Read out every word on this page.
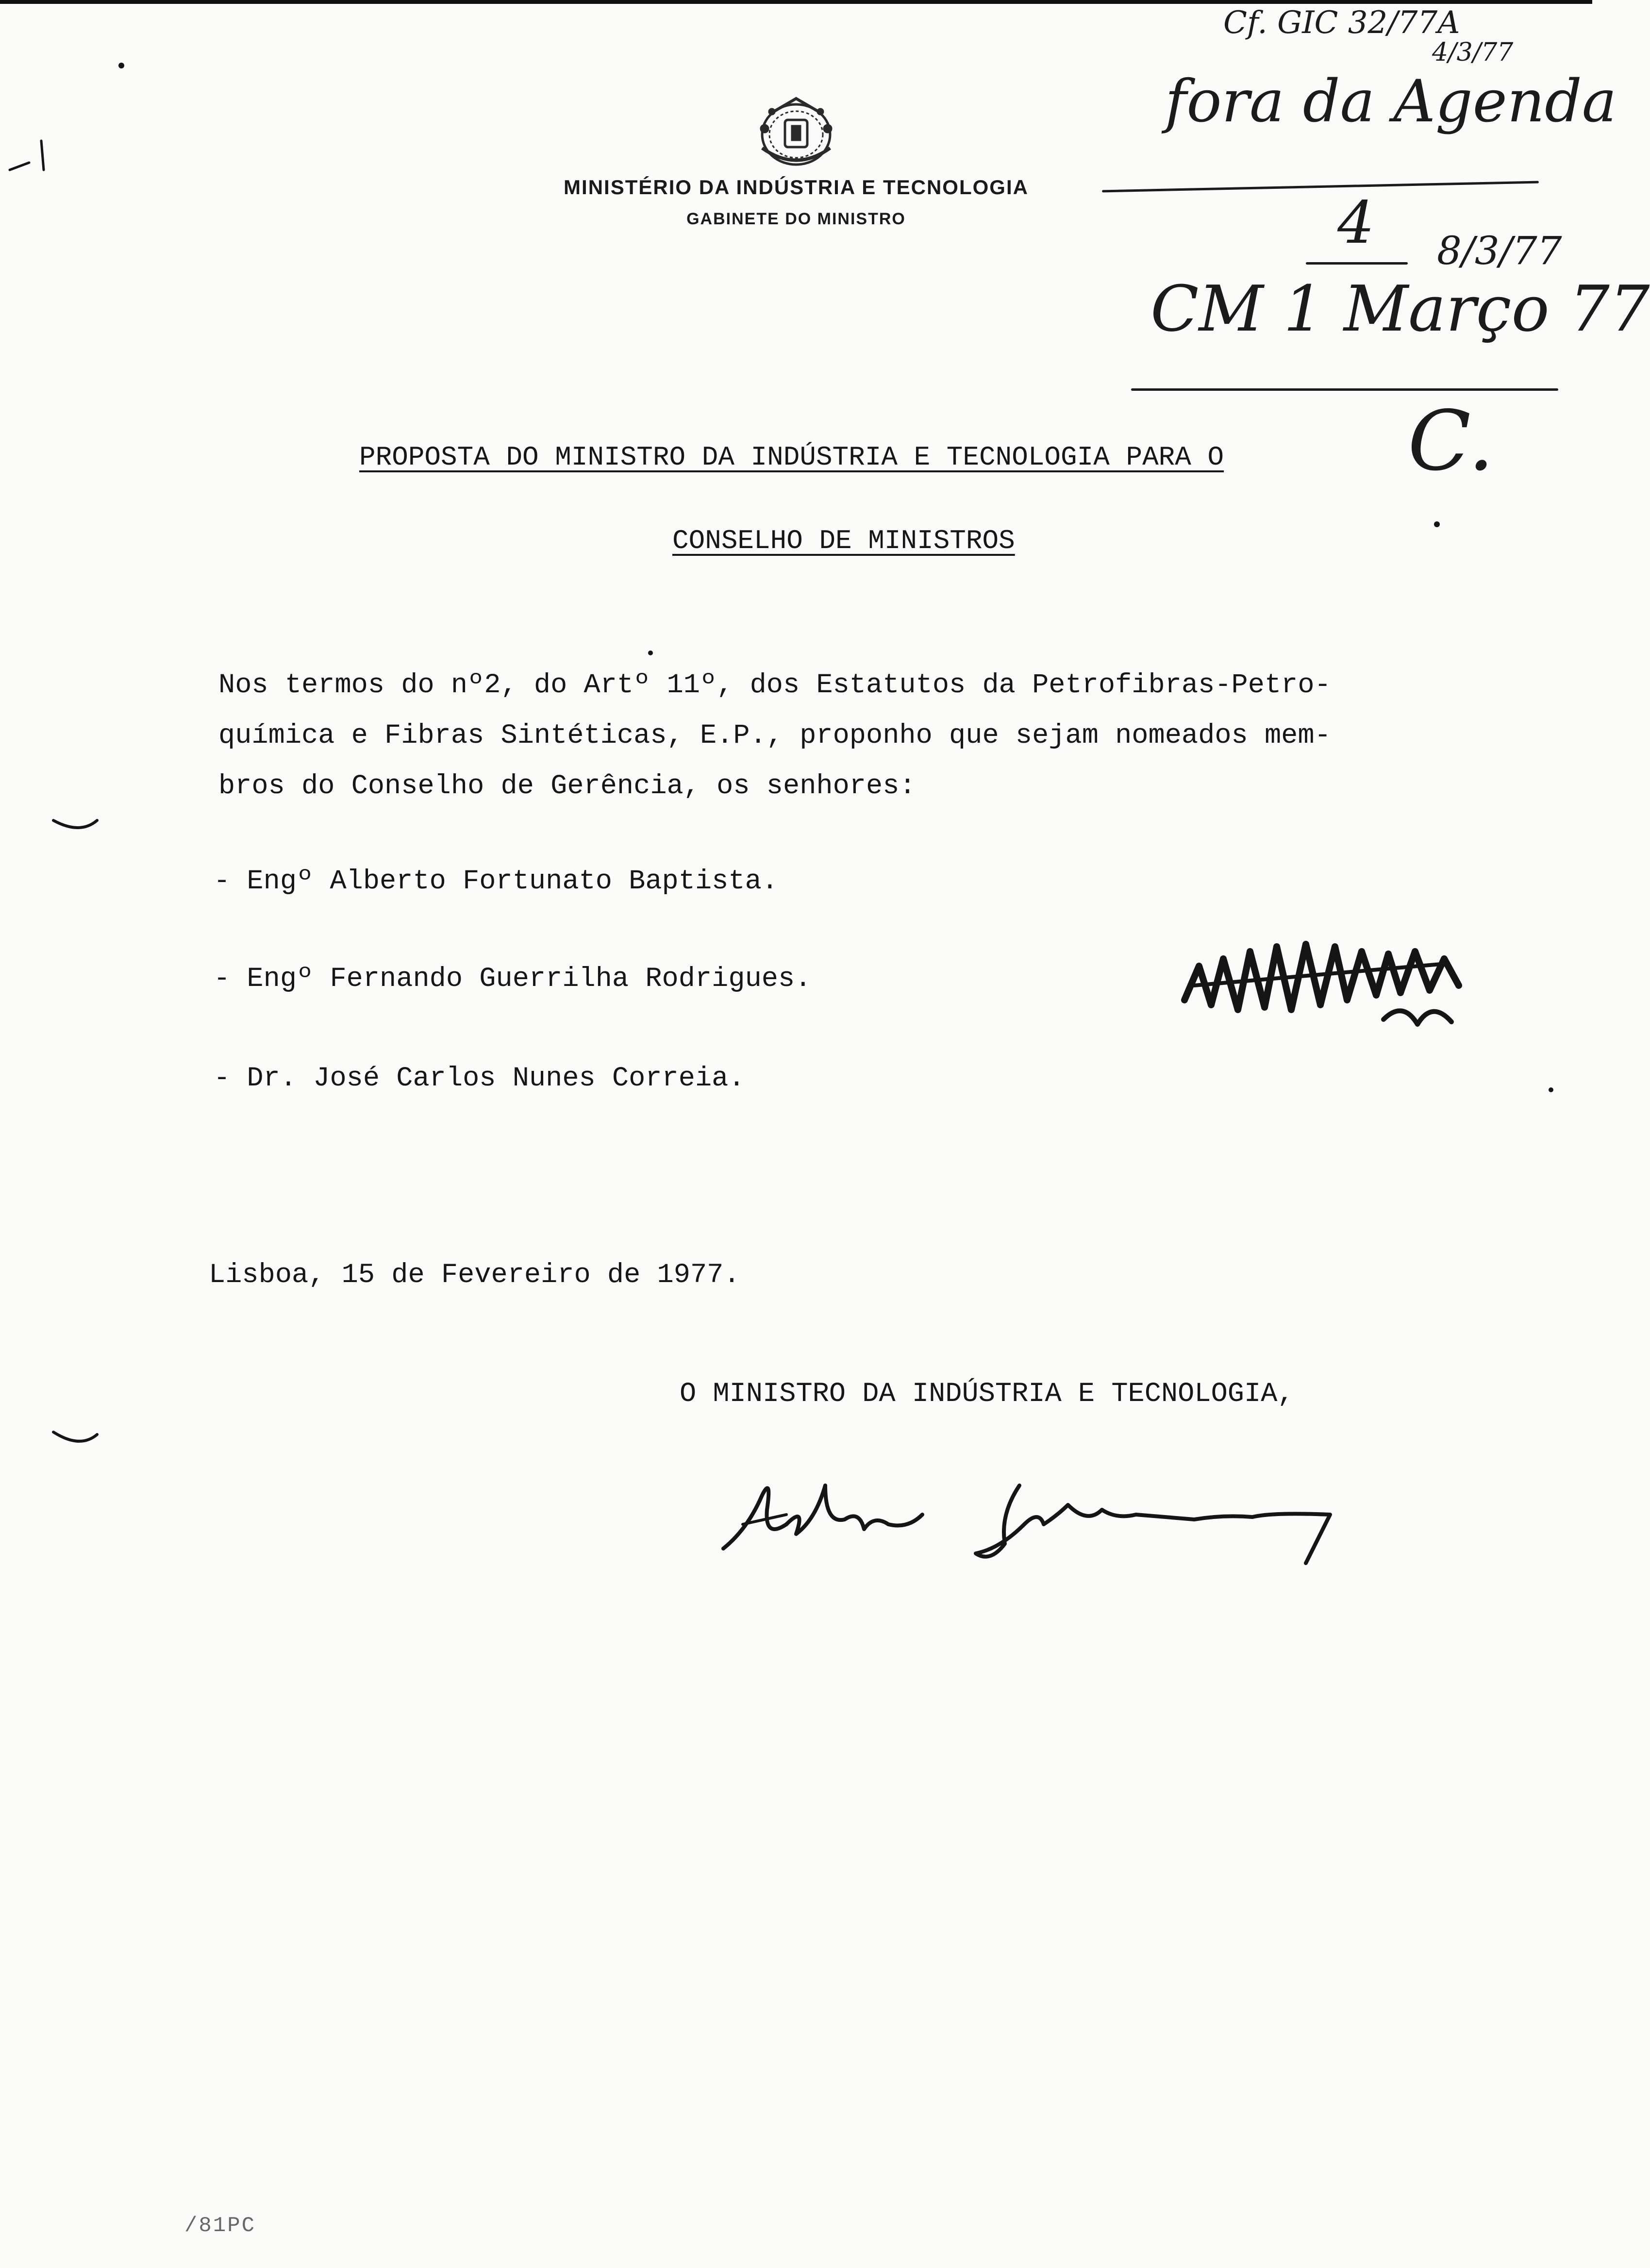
MINISTÉRIO DA INDÚSTRIA E TECNOLOGIA
GABINETE DO MINISTRO
Cf. GIC 32/77A
4/3/77
fora da Agenda
4 8/3/77
CM 1 Março 77
C.
PROPOSTA DO MINISTRO DA INDÚSTRIA E TECNOLOGIA PARA O
CONSELHO DE MINISTROS

Nos termos do nº2, do Artº 11º, dos Estatutos da Petrofibras-Petro-

química e Fibras Sintéticas, E.P., proponho que sejam nomeados mem-

bros do Conselho de Gerência, os senhores:

- Engº Alberto Fortunato Baptista.
- Engº Fernando Guerrilha Rodrigues.
- Dr. José Carlos Nunes Correia.
Lisboa, 15 de Fevereiro de 1977.
O MINISTRO DA INDÚSTRIA E TECNOLOGIA,
/81PC
